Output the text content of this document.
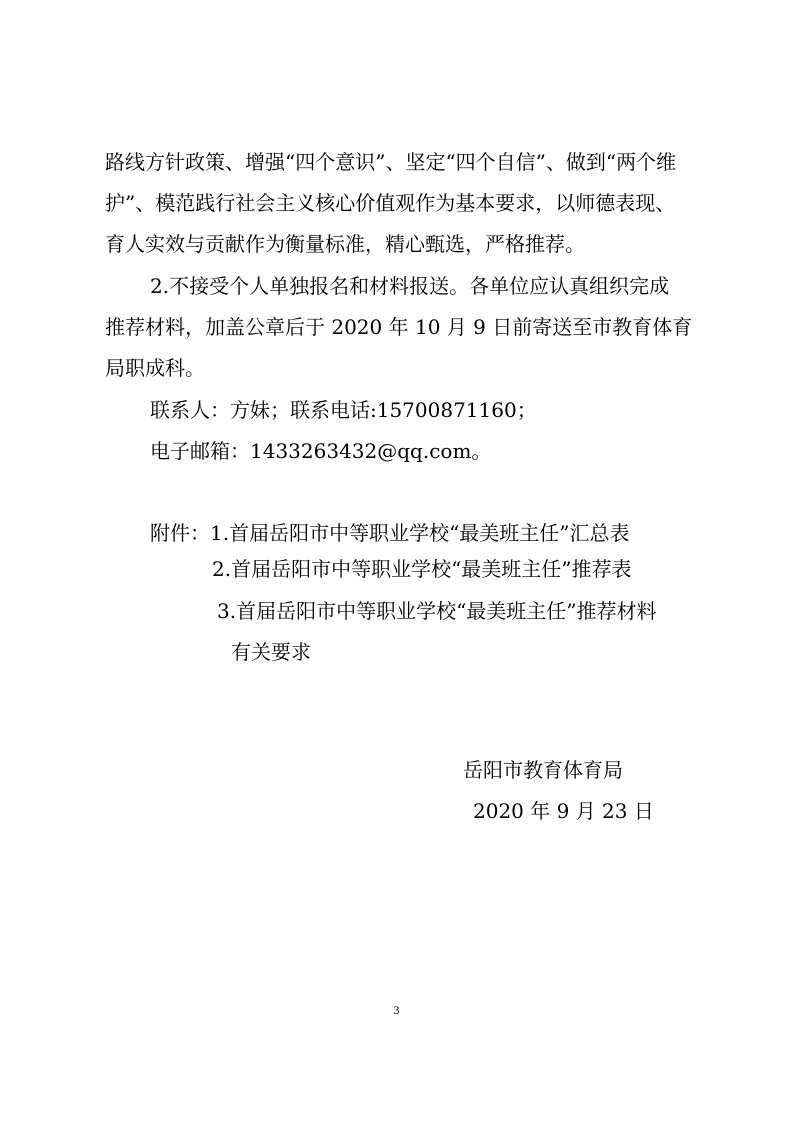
路线方针政策、增强“四个意识”、坚定“四个自信”、做到“两个维
护”、模范践行社会主义核心价值观作为基本要求，以师德表现、
育人实效与贡献作为衡量标准，精心甄选，严格推荐。
2.不接受个人单独报名和材料报送。各单位应认真组织完成
推荐材料，加盖公章后于 2020 年 10 月 9 日前寄送至市教育体育
局职成科。
联系人：方妹；联系电话:15700871160；
电子邮箱：1433263432@qq.com。
附件：1.首届岳阳市中等职业学校“最美班主任”汇总表
2.首届岳阳市中等职业学校“最美班主任”推荐表
3.首届岳阳市中等职业学校“最美班主任”推荐材料
有关要求
岳阳市教育体育局
2020 年 9 月 23 日
3
